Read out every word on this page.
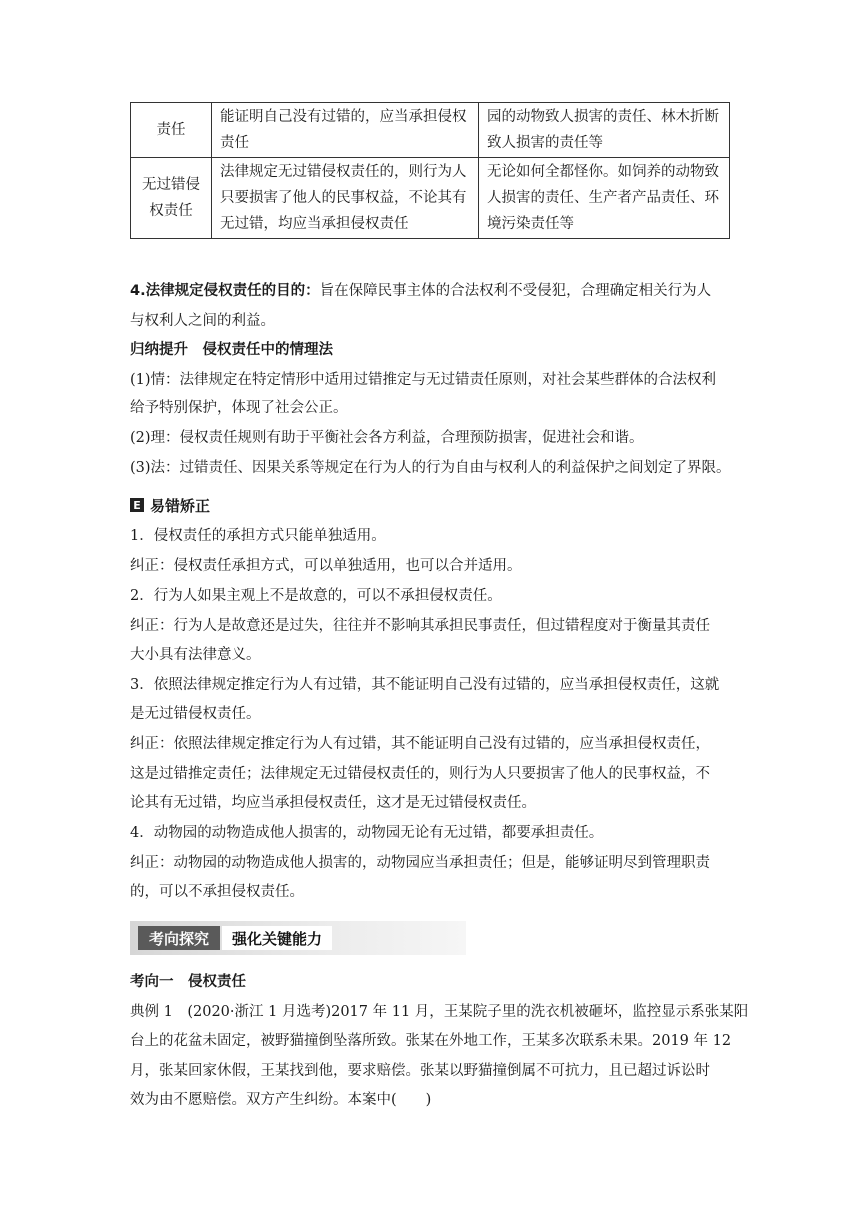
责任	能证明自己没有过错的，应当承担侵权责任	园的动物致人损害的责任、林木折断致人损害的责任等
无过错侵权责任	法律规定无过错侵权责任的，则行为人只要损害了他人的民事权益，不论其有无过错，均应当承担侵权责任	无论如何全都怪你。如饲养的动物致人损害的责任、生产者产品责任、环境污染责任等
4.法律规定侵权责任的目的：旨在保障民事主体的合法权利不受侵犯，合理确定相关行为人
与权利人之间的利益。
归纳提升　侵权责任中的情理法
(1)情：法律规定在特定情形中适用过错推定与无过错责任原则，对社会某些群体的合法权利
给予特别保护，体现了社会公正。
(2)理：侵权责任规则有助于平衡社会各方利益，合理预防损害，促进社会和谐。
(3)法：过错责任、因果关系等规定在行为人的行为自由与权利人的利益保护之间划定了界限。
E 易错矫正
1．侵权责任的承担方式只能单独适用。
纠正：侵权责任承担方式，可以单独适用，也可以合并适用。
2．行为人如果主观上不是故意的，可以不承担侵权责任。
纠正：行为人是故意还是过失，往往并不影响其承担民事责任，但过错程度对于衡量其责任
大小具有法律意义。
3．依照法律规定推定行为人有过错，其不能证明自己没有过错的，应当承担侵权责任，这就
是无过错侵权责任。
纠正：依照法律规定推定行为人有过错，其不能证明自己没有过错的，应当承担侵权责任，
这是过错推定责任；法律规定无过错侵权责任的，则行为人只要损害了他人的民事权益，不
论其有无过错，均应当承担侵权责任，这才是无过错侵权责任。
4．动物园的动物造成他人损害的，动物园无论有无过错，都要承担责任。
纠正：动物园的动物造成他人损害的，动物园应当承担责任；但是，能够证明尽到管理职责
的，可以不承担侵权责任。
考向探究	强化关键能力
考向一　侵权责任
典例 1　(2020·浙江 1 月选考)2017 年 11 月，王某院子里的洗衣机被砸坏，监控显示系张某阳
台上的花盆未固定，被野猫撞倒坠落所致。张某在外地工作，王某多次联系未果。2019 年 12
月，张某回家休假，王某找到他，要求赔偿。张某以野猫撞倒属不可抗力，且已超过诉讼时
效为由不愿赔偿。双方产生纠纷。本案中(　　)
